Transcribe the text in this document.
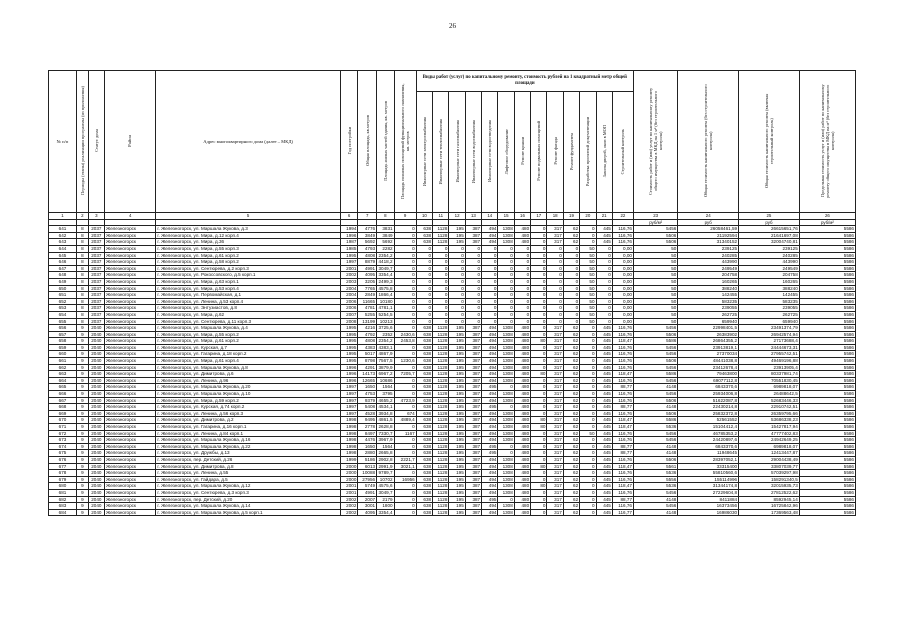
26
№ п/п	Периоды (этапы) реализации программы (из приложения)	Статус дома	Район	Адрес многоквартирного дома (далее – МКД)	Год постройки	Общая площадь, кв.метров	Площадь жилых частей здания, кв. метров	Площадь нежилых помещений функционального назначения, кв. метров	Виды работ (услуг) по капитальному ремонту, стоимость рублей на 1 квадратный метр общей площади													Стоимость работ и (или) услуг по капитальному ремонту общего имущества в МКД на 1 м² (без строительного контроля)	Общая стоимость капитального ремонта (без строительного контроля)	Общая стоимость капитального ремонта (включая строительный контроль)	Предельная стоимость услуг и (или) работ по капитальному ремонту общего имущества в МКД на м² (без строительного контроля)
									Инженерные сети электроснабжения	Инженерные сети теплоснабжения	Инженерные сети газоснабжения	Инженерные сети водоснабжения	Инженерные сети водоотведения	Лифтовое оборудование	Ремонт крыши	Ремонт подвальных помещений	Ремонт фасада	Ремонт фундамента	Разработка проектной документации	Замена дверей, окон в МОП	Строительный контроль				
1	2	3	4	5	6	7	8	9	10	11	12	13	14	15	16	17	18	19	20	21	22	23	24	25	26
																						руб/м²	руб	руб	руб/м²
641	8	2037	Железногорск	г. Железногорск, ул. Маршала Жукова, д.3	1994	4776	3831	0	638	1128	195	387	494	1308	480	0	317	62	0	445	116,76	5456	26058461,59	26615651,76	5586
642	8	2037	Железногорск	г. Железногорск, ул. Мира, д.12 корп.4	1996	3849	3849	0	638	1128	195	387	494	1308	480	0	317	62	0	445	116,76	5506	21192594	21641697,08	5586
643	8	2037	Железногорск	г. Железногорск, ул. Мира, д.36	1987	5692	5692	0	638	1128	195	387	494	1308	480	0	317	62	0	445	116,76	5506	31340152	32004740,81	5586
644	8	2037	Железногорск	г. Железногорск, ул. Мира, д.55 корп.3	1985	4793	2282	0	0	0	0	0	0	0	0	0	0	0	50	0	0,00	50	239125	239125	5586
645	8	2037	Железногорск	г. Железногорск, ул. Мира, д.61 корп.2	1995	4808	2354,2	0	0	0	0	0	0	0	0	0	0	0	50	0	0,00	50	240285	240285	5586
646	8	2037	Железногорск	г. Железногорск, ул. Мира, д.58 корп.2	1997	8879	4418,2	0	0	0	0	0	0	0	0	0	0	0	50	0	0,00	50	443990	443990	5586
647	8	2037	Железногорск	г. Железногорск, ул. Сентюрева, д.2 корп.3	2001	4991	3049,7	0	0	0	0	0	0	0	0	0	0	0	50	0	0,00	50	249549	249549	5586
648	8	2037	Железногорск	г. Железногорск, ул. Рокоссовского, д.5 корп.1	2002	4095	3354,4	0	0	0	0	0	0	0	0	0	0	0	50	0	0,00	50	204758	204758	5586
649	8	2037	Железногорск	г. Железногорск, ул. Мира, д.63 корп.1	2003	3205	2499,3	0	0	0	0	0	0	0	0	0	0	0	50	0	0,00	50	160265	160265	5586
650	8	2037	Железногорск	г. Железногорск, ул. Мира, д.53 корп.4	2004	7765	4575,8	0	0	0	0	0	0	0	0	0	0	0	50	0	0,00	50	388240	388240	5586
651	8	2037	Железногорск	г. Железногорск, ул. Первомайская, д.1	2004	2849	1866,4	0	0	0	0	0	0	0	0	0	0	0	50	0	0,00	50	142455	142455	5586
652	8	2037	Железногорск	г. Железногорск, ул. Ленина, д.53 корп.4	2006	11665	10180	0	0	0	0	0	0	0	0	0	0	0	50	0	0,00	50	583235	583235	5586
653	8	2037	Железногорск	г. Железногорск, ул. Энтузиастов, д.8	2006	4781	4781,1	0	0	0	0	0	0	0	0	0	0	0	50	0	0,00	50	239055	239055	5586
654	8	2037	Железногорск	г. Железногорск, ул. Мира, д.62	2007	5255	5254,5	0	0	0	0	0	0	0	0	0	0	0	50	0	0,00	50	262725	262725	5586
655	8	2037	Железногорск	г. Железногорск, ул. Сентюрева, д.11 корп.3	2008	13199	10213	0	0	0	0	0	0	0	0	0	0	0	50	0	0,00	50	659940	659940	5586
656	9	2040	Железногорск	г. Железногорск, ул. Маршала Жукова, д.4	1995	4216	3725,6	0	638	1128	195	387	494	1308	480	0	317	62	0	445	116,76	5456	22998401,5	23491374,79	5586
657	9	2040	Железногорск	г. Железногорск, ул. Мира, д.55 корп.2	1995	4792	2352	2430,6	638	1128	195	387	494	1308	480	0	317	62	0	445	116,76	5506	26383902	26942574,94	5586
658	9	2040	Железногорск	г. Железногорск, ул. Мира, д.61 корп.2	1995	4808	2354,2	2453,8	638	1128	195	387	494	1308	480	80	317	62	0	445	118,47	5586	26864355,2	27173688,4	5586
659	9	2040	Железногорск	г. Железногорск, ул. Курская, д.7	1995	4383	4383,1	0	638	1128	195	387	494	1308	480	0	317	62	0	445	116,76	5456	23913819,1	24444673,31	5586
660	9	2040	Железногорск	г. Железногорск, ул. Гагарина, д.18 корп.2	1995	5017	4867,9	0	638	1128	195	387	494	1308	480	0	317	62	0	445	116,76	5456	27370034	27955742,51	5586
661	9	2040	Железногорск	г. Железногорск, ул. Мира, д.61 корп.4	1995	8798	7567,5	1230,6	638	1128	195	387	494	1308	480	0	317	62	0	445	116,76	5506	48441038,8	49469196,88	5586
662	9	2040	Железногорск	г. Железногорск, ул. Маршала Жукова, д.8	1996	4291	3879,9	0	638	1128	195	387	494	1308	480	0	317	62	0	445	116,76	5456	23412678,4	23913905,4	5586
663	9	2040	Железногорск	г. Железногорск, ул. Димитрова, д.6	1996	14173	6967,2	7205,7	638	1128	195	387	494	1308	480	80	317	62	0	445	118,47	5586	79463800	80337981,74	5586
664	9	2040	Железногорск	г. Железногорск, ул. Ленина, д.96	1996	12665	10686	0	638	1128	195	387	494	1308	480	0	317	62	0	445	116,76	5456	69077112,8	70551830,45	5586
665	9	2040	Железногорск	г. Железногорск, ул. Маршала Жукова, д.20	1997	1650	1564	0	638	1128	195	387	495	0	480	0	317	62	0	445	88,77	4148	6843370,6	6989818,07	5586
666	9	2040	Железногорск	г. Железногорск, ул. Маршала Жукова, д.10	1997	4753	3795	0	638	1128	195	387	494	1308	480	0	317	62	0	445	116,76	5456	25934006,8	26488642,5	5586
667	9	2040	Железногорск	г. Железногорск, ул. Мира, д.59 корп.2	1997	9379	4655,2	4723,9	638	1128	195	387	494	1308	480	0	317	62	0	445	116,76	5506	51622087,8	52683446,33	5586
668	9	2040	Железногорск	г. Железногорск, ул. Курская, д.74 корп.2	1997	5408	4534,1	0	638	1128	195	387	495	0	480	0	317	62	0	445	88,77	4148	22430214,8	22910742,51	5586
669	9	2040	Железногорск	г. Железногорск, ул. Ленина, д.56 корп.3	1997	4528	3934,8	674	638	1128	195	387	494	1308	480	0	317	62	0	445	116,76	5506	25832372,8	26359795,66	5586
670	9	2040	Железногорск	г. Железногорск, ул. Димитрова, д.2	1998	9495	4861,5	4889,4	638	1128	195	387	494	1308	480	80	317	62	0	445	118,47	5586	52561552	53686338,23	5586
671	9	2040	Железногорск	г. Железногорск, ул. Гагарина, д.16 корп.1	1998	2778	2628,8	0	638	1128	195	387	494	1308	480	80	317	62	0	445	118,47	5536	15104412,4	15427817,94	5586
672	9	2040	Железногорск	г. Железногорск, ул. Ленина, д.84 корп.1	1998	8497	7330,7	1167	638	1128	195	387	494	1308	480	0	317	62	50	445	116,76	5456	46785353,2	47777402,83	5586
673	9	2040	Железногорск	г. Железногорск, ул. Маршала Жукова, д.16	1998	4476	3967,9	0	638	1128	195	387	494	1308	480	0	317	62	0	445	116,76	5456	24420897,6	24942649,25	5586
674	9	2040	Железногорск	г. Железногорск, ул. Маршала Жукова, д.22	1998	1650	1564	0	638	1128	195	387	495	0	480	0	317	62	0	445	88,77	4148	6843370,6	6989818,07	5586
675	9	2040	Железногорск	г. Железногорск, ул. Дружбы, д.13	1998	2880	2665,8	0	638	1128	195	387	495	0	480	0	317	62	0	445	88,77	4148	11948645	12413447,87	5586
676	9	2040	Железногорск	г. Железногорск, пер. Детский, д.26	1999	5186	2902,8	2221,7	638	1128	195	387	494	1308	480	0	317	62	0	445	116,76	5506	28397052,1	29004438,49	5586
677	9	2040	Железногорск	г. Железногорск, ул. Димитрова, д.8	2000	6013	2991,9	3021,1	638	1128	195	387	494	1308	480	80	317	62	0	445	118,47	5561	33315400	33807039,77	5586
678	9	2040	Железногорск	г. Железногорск, ул. Ленина, д.55	2000	10088	9789,7	0	638	1128	195	387	494	1308	480	0	317	62	0	445	116,76	5536	55810560,6	57039297,98	5586
679	9	2040	Железногорск	г. Железногорск, ул. Гайдара, д.5	2000	27956	10702	16956	638	1128	195	387	494	1308	480	0	317	62	0	445	116,76	5556	155114996	158291340,5	5586
680	9	2040	Железногорск	г. Железногорск, ул. Маршала Жукова, д.12	2001	5749	4575,6	0	638	1128	195	387	494	1308	480	80	317	62	0	445	118,47	5536	31344174,8	32015935,73	5586
681	9	2040	Железногорск	г. Железногорск, ул. Сентюрева, д.3 корп.3	2001	4991	3049,7	0	638	1128	195	387	494	1308	480	0	317	62	0	445	116,76	5456	27229604,8	27812522,62	5586
682	9	2040	Железногорск	г. Железногорск, пер. Детский, д.20	2002	2007	2179	0	638	1128	195	387	495	0	480	0	317	62	0	445	88,77	4148	8411884	8592945,14	5586
683	9	2040	Железногорск	г. Железногорск, ул. Маршала Жукова, д.14	2002	3001	1800	0	638	1128	195	387	494	1308	480	0	317	62	0	445	116,76	5456	16373456	16725842,96	5586
684	9	2040	Железногорск	г. Железногорск, ул. Маршала Жукова, д.5 корп.1	2002	4095	3354,4	0	638	1128	195	387	494	1308	480	0	317	62	0	445	116,77	4148	16986030	17369563,48	5586
